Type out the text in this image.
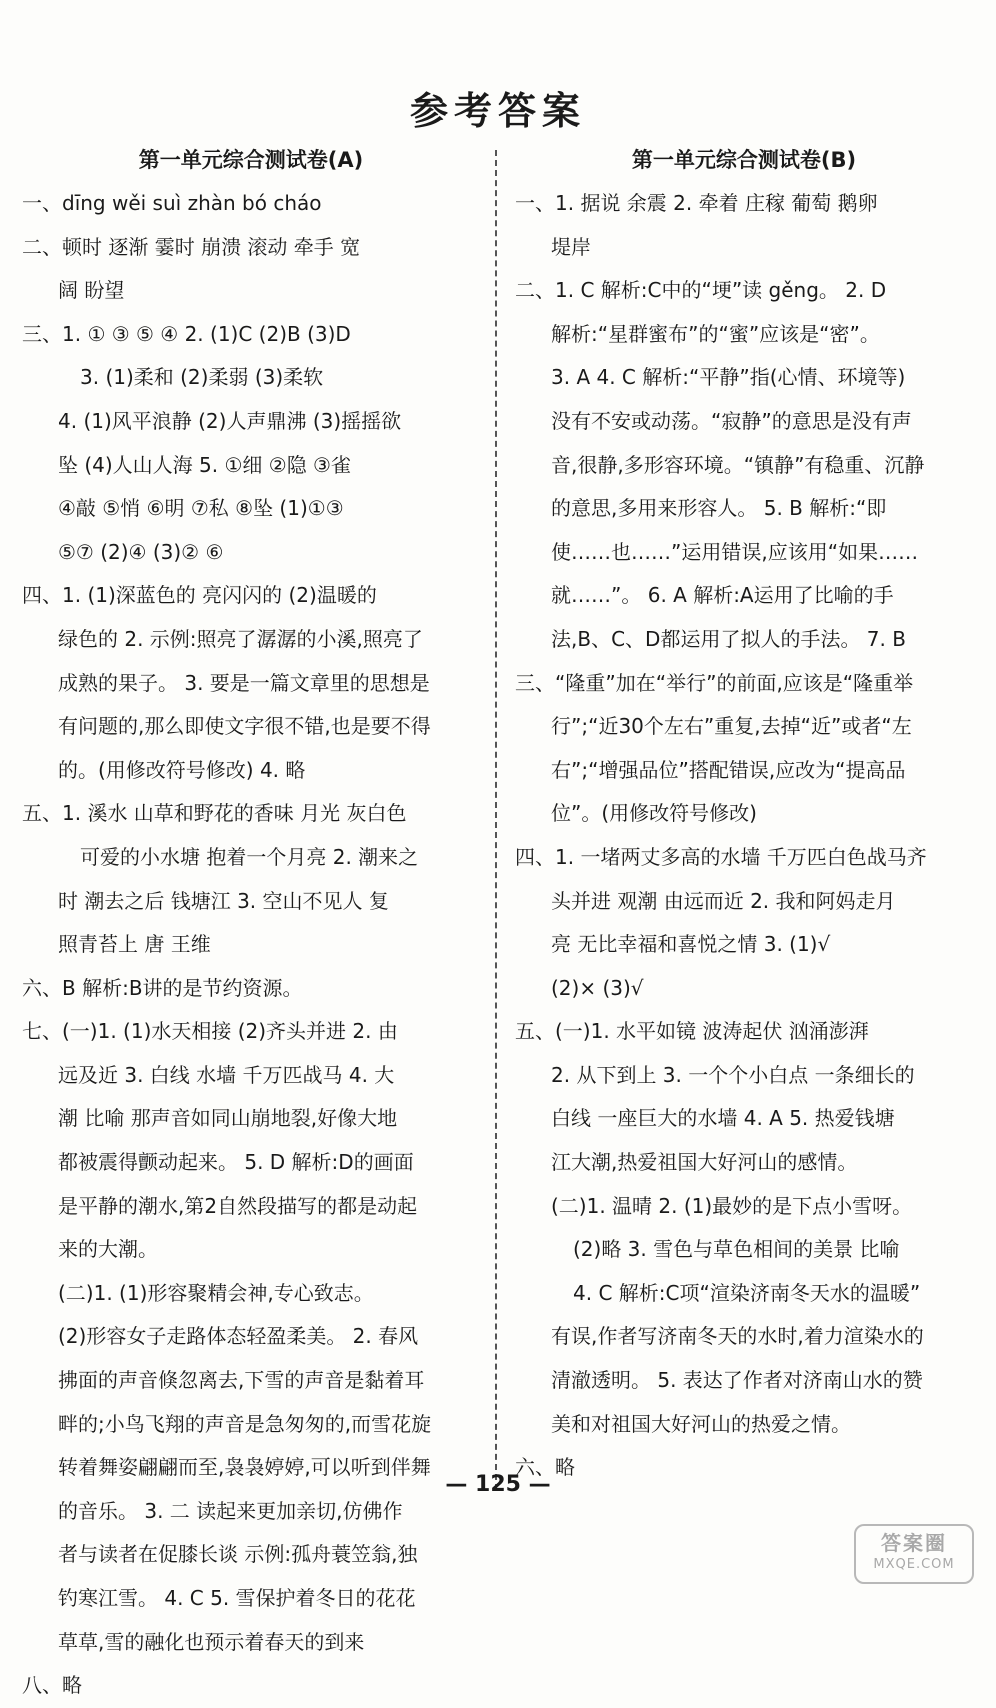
参考答案
第一单元综合测试卷(A)
一、dīng wěi suì zhàn bó cháo
二、顿时 逐渐 霎时 崩溃 滚动 牵手 宽
阔 盼望
三、1. ① ③ ⑤ ④ 2. (1)C (2)B (3)D
3. (1)柔和 (2)柔弱 (3)柔软
4. (1)风平浪静 (2)人声鼎沸 (3)摇摇欲
坠 (4)人山人海 5. ①细 ②隐 ③雀
④敲 ⑤悄 ⑥明 ⑦私 ⑧坠 (1)①③
⑤⑦ (2)④ (3)② ⑥
四、1. (1)深蓝色的 亮闪闪的 (2)温暖的
绿色的 2. 示例:照亮了潺潺的小溪,照亮了
成熟的果子。 3. 要是一篇文章里的思想是
有问题的,那么即使文字很不错,也是要不得
的。(用修改符号修改) 4. 略
五、1. 溪水 山草和野花的香味 月光 灰白色
可爱的小水塘 抱着一个月亮 2. 潮来之
时 潮去之后 钱塘江 3. 空山不见人 复
照青苔上 唐 王维
六、B 解析:B讲的是节约资源。
七、(一)1. (1)水天相接 (2)齐头并进 2. 由
远及近 3. 白线 水墙 千万匹战马 4. 大
潮 比喻 那声音如同山崩地裂,好像大地
都被震得颤动起来。 5. D 解析:D的画面
是平静的潮水,第2自然段描写的都是动起
来的大潮。
(二)1. (1)形容聚精会神,专心致志。
(2)形容女子走路体态轻盈柔美。 2. 春风
拂面的声音倏忽离去,下雪的声音是黏着耳
畔的;小鸟飞翔的声音是急匆匆的,而雪花旋
转着舞姿翩翩而至,袅袅婷婷,可以听到伴舞
的音乐。 3. 二 读起来更加亲切,仿佛作
者与读者在促膝长谈 示例:孤舟蓑笠翁,独
钓寒江雪。 4. C 5. 雪保护着冬日的花花
草草,雪的融化也预示着春天的到来
八、略
第一单元综合测试卷(B)
一、1. 据说 余震 2. 牵着 庄稼 葡萄 鹅卵
堤岸
二、1. C 解析:C中的“埂”读 gěng。 2. D
解析:“星群蜜布”的“蜜”应该是“密”。
3. A 4. C 解析:“平静”指(心情、环境等)
没有不安或动荡。“寂静”的意思是没有声
音,很静,多形容环境。“镇静”有稳重、沉静
的意思,多用来形容人。 5. B 解析:“即
使……也……”运用错误,应该用“如果……
就……”。 6. A 解析:A运用了比喻的手
法,B、C、D都运用了拟人的手法。 7. B
三、“隆重”加在“举行”的前面,应该是“隆重举
行”;“近30个左右”重复,去掉“近”或者“左
右”;“增强品位”搭配错误,应改为“提高品
位”。(用修改符号修改)
四、1. 一堵两丈多高的水墙 千万匹白色战马齐
头并进 观潮 由远而近 2. 我和阿妈走月
亮 无比幸福和喜悦之情 3. (1)√
(2)× (3)√
五、(一)1. 水平如镜 波涛起伏 汹涌澎湃
2. 从下到上 3. 一个个小白点 一条细长的
白线 一座巨大的水墙 4. A 5. 热爱钱塘
江大潮,热爱祖国大好河山的感情。
(二)1. 温晴 2. (1)最妙的是下点小雪呀。
(2)略 3. 雪色与草色相间的美景 比喻
4. C 解析:C项“渲染济南冬天水的温暖”
有误,作者写济南冬天的水时,着力渲染水的
清澈透明。 5. 表达了作者对济南山水的赞
美和对祖国大好河山的热爱之情。
六、略
— 125 —
答案圈
MXQE.COM
